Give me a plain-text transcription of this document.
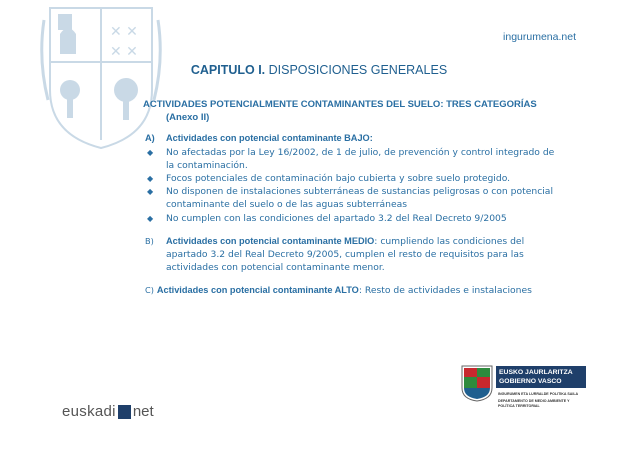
✕ ✕
✕ ✕
ingurumena.net
CAPITULO I. DISPOSICIONES GENERALES
ACTIVIDADES POTENCIALMENTE CONTAMINANTES DEL SUELO: TRES CATEGORÍAS
(Anexo II)
A) Actividades con potencial contaminante BAJO:
◆ No afectadas por la Ley 16/2002, de 1 de julio, de prevención y control integrado de la contaminación.
◆ Focos potenciales de contaminación bajo cubierta y sobre suelo protegido.
◆ No disponen de instalaciones subterráneas de sustancias peligrosas o con potencial contaminante del suelo o de las aguas subterráneas
◆ No cumplen con las condiciones del apartado 3.2 del Real Decreto 9/2005
B) Actividades con potencial contaminante MEDIO: cumpliendo las condiciones del apartado 3.2 del Real Decreto 9/2005, cumplen el resto de requisitos para las actividades con potencial contaminante menor.
C) Actividades con potencial contaminante ALTO: Resto de actividades e instalaciones
euskadi net
EUSKO JAURLARITZA
GOBIERNO VASCO
INGURUMEN ETA LURRALDE POLITIKA SAILA
DEPARTAMENTO DE MEDIO AMBIENTE Y POLÍTICA TERRITORIAL
